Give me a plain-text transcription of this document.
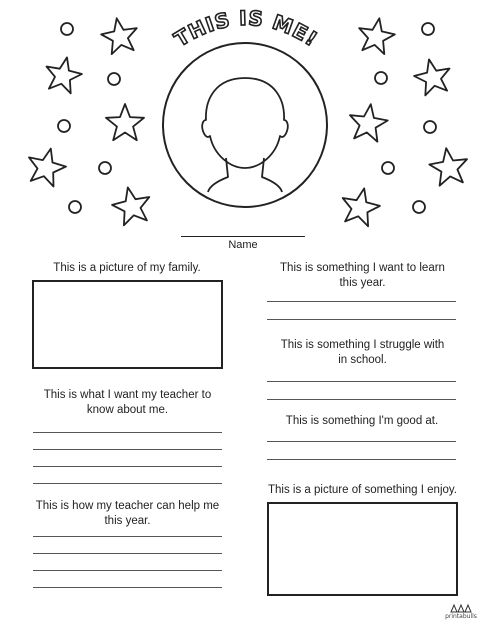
THIS IS ME!
Name
This is a picture of my family.
This is what I want my teacher to know about me.
This is how my teacher can help me this year.
This is something I want to learn this year.
This is something I struggle with in school.
This is something I'm good at.
This is a picture of something I enjoy.
printabulls
